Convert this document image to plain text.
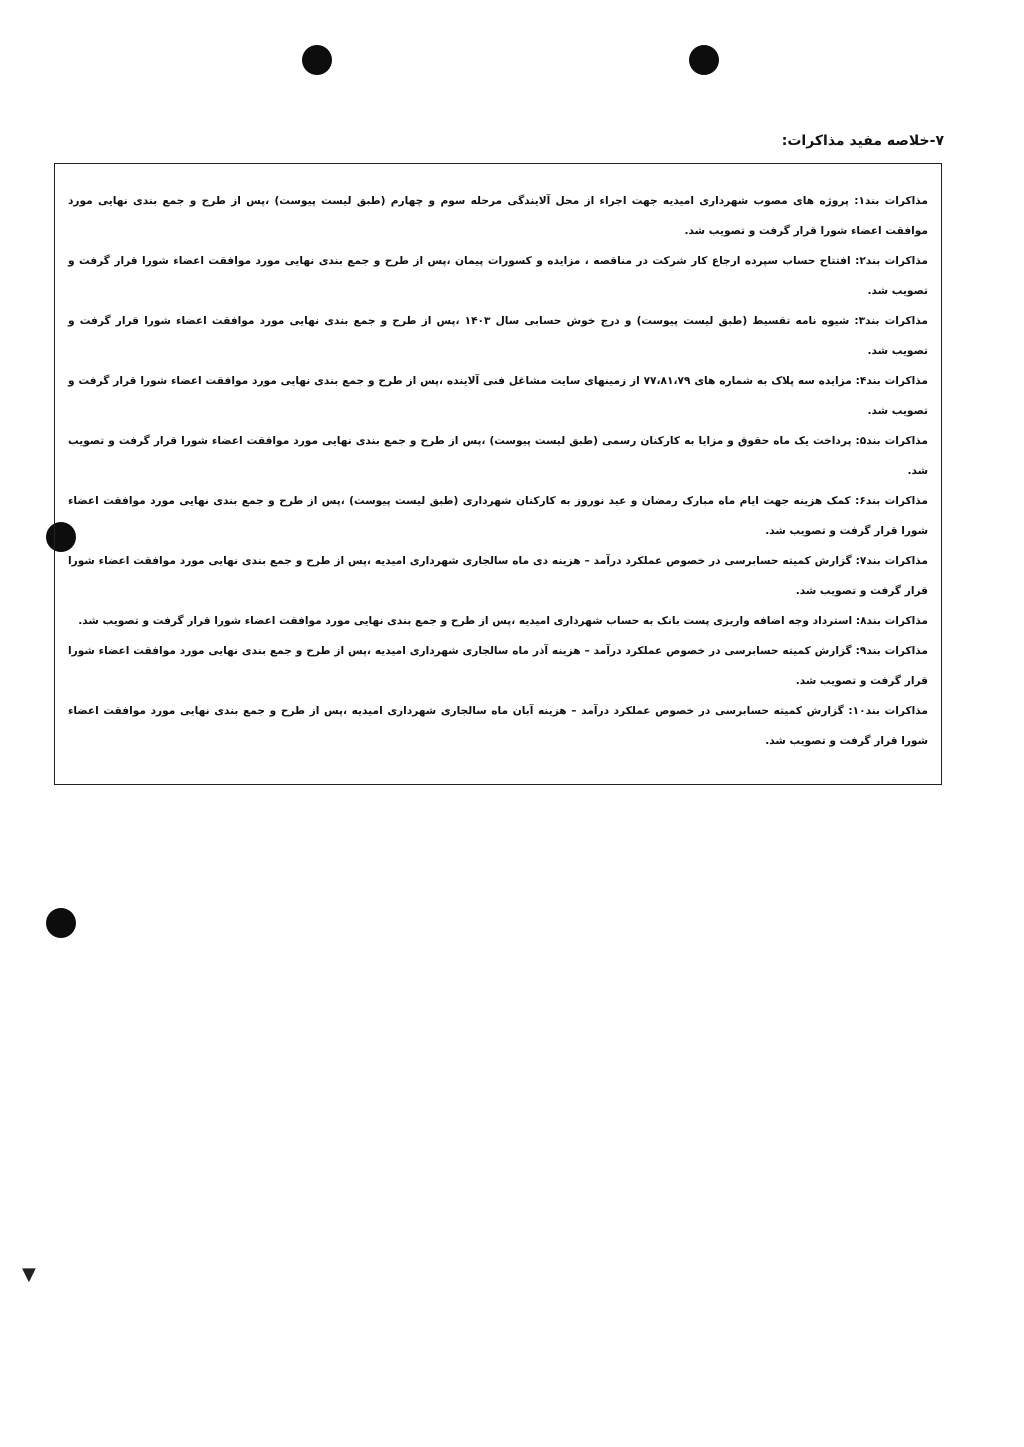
۷-خلاصه مفید مذاکرات:

مذاکرات بند۱: پروژه های مصوب شهرداری امیدیه جهت اجراء از محل آلایندگی مرحله سوم و چهارم (طبق لیست پیوست) ،پس از طرح و جمع بندی نهایی مورد موافقت اعضاء شورا قرار گرفت و تصویب شد.

مذاکرات بند۲: افتتاح حساب سپرده ارجاع کار شرکت در مناقصه ، مزایده و کسورات پیمان ،پس از طرح و جمع بندی نهایی مورد موافقت اعضاء شورا قرار گرفت و تصویب شد.

مذاکرات بند۳: شیوه نامه تقسیط (طبق لیست پیوست) و درج خوش حسابی سال ۱۴۰۳ ،پس از طرح و جمع بندی نهایی مورد موافقت اعضاء شورا قرار گرفت و تصویب شد.

مذاکرات بند۴: مزایده سه پلاک به شماره های ۷۷،۸۱،۷۹ از زمینهای سایت مشاغل فنی آلاینده ،پس از طرح و جمع بندی نهایی مورد موافقت اعضاء شورا قرار گرفت و تصویب شد.

مذاکرات بند۵: پرداخت یک ماه حقوق و مزایا به کارکنان رسمی (طبق لیست پیوست) ،پس از طرح و جمع بندی نهایی مورد موافقت اعضاء شورا قرار گرفت و تصویب شد.

مذاکرات بند۶: کمک هزینه جهت ایام ماه مبارک رمضان و عید نوروز به کارکنان شهرداری (طبق لیست پیوست) ،پس از طرح و جمع بندی نهایی مورد موافقت اعضاء شورا قرار گرفت و تصویب شد.

مذاکرات بند۷: گزارش کمیته حسابرسی در خصوص عملکرد درآمد – هزینه دی ماه سالجاری شهرداری امیدیه ،پس از طرح و جمع بندی نهایی مورد موافقت اعضاء شورا قرار گرفت و تصویب شد.

مذاکرات بند۸: استرداد وجه اضافه واریزی پست بانک به حساب شهرداری امیدیه ،پس از طرح و جمع بندی نهایی مورد موافقت اعضاء شورا قرار گرفت و تصویب شد.

مذاکرات بند۹: گزارش کمیته حسابرسی در خصوص عملکرد درآمد – هزینه آذر ماه سالجاری شهرداری امیدیه ،پس از طرح و جمع بندی نهایی مورد موافقت اعضاء شورا قرار گرفت و تصویب شد.

مذاکرات بند۱۰: گزارش کمیته حسابرسی در خصوص عملکرد درآمد – هزینه آبان ماه سالجاری شهرداری امیدیه ،پس از طرح و جمع بندی نهایی مورد موافقت اعضاء شورا قرار گرفت و تصویب شد.

▼
